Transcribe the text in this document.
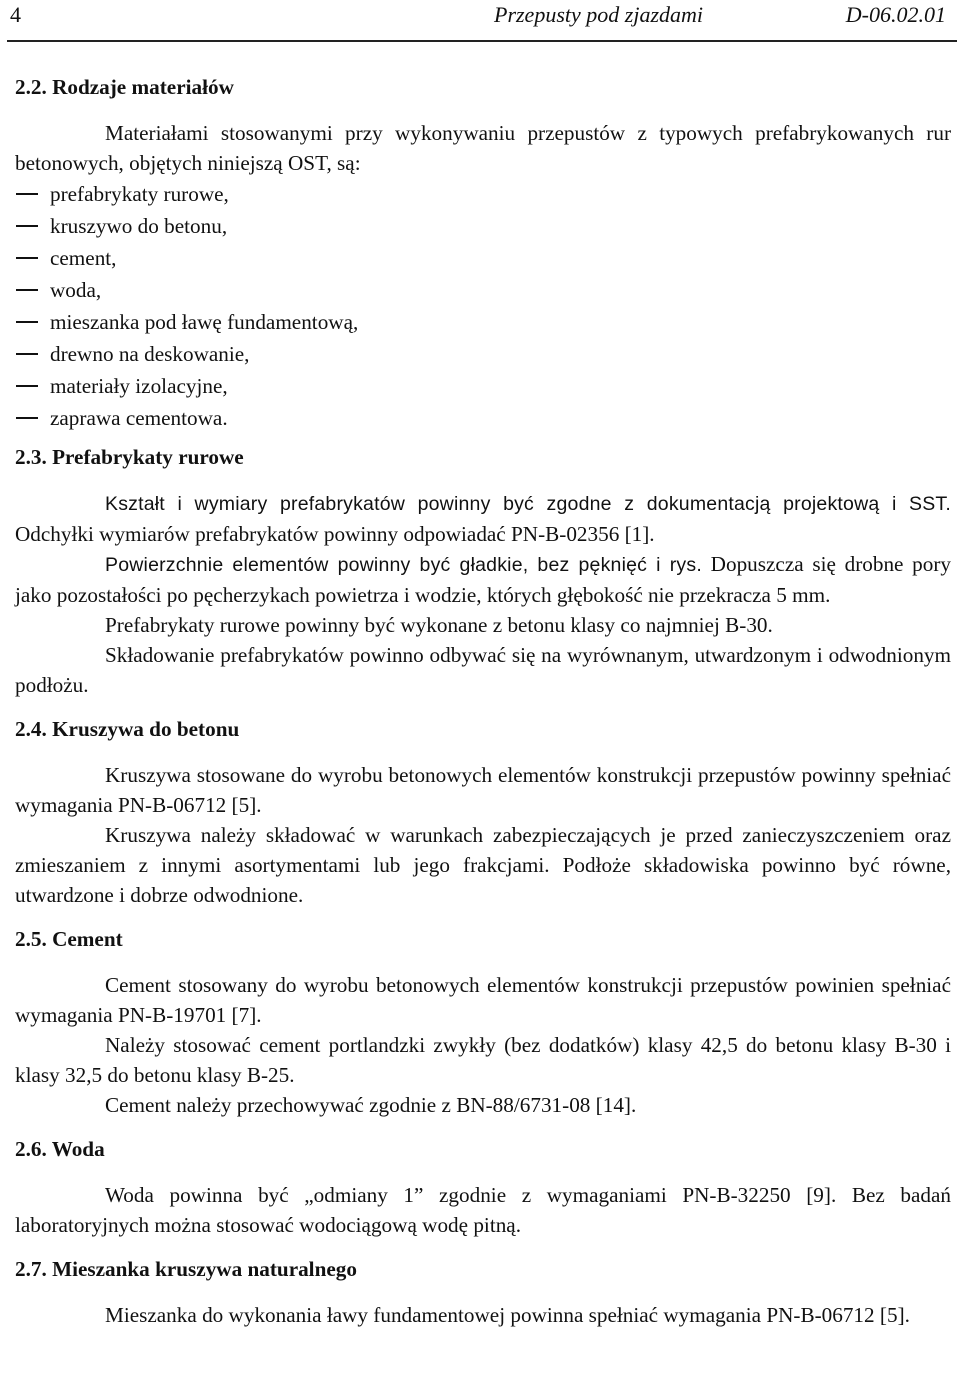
4	Przepusty pod zjazdami	D-06.02.01
2.2. Rodzaje materiałów

Materiałami stosowanymi przy wykonywaniu przepustów z typowych prefabrykowanych rur betonowych, objętych niniejszą OST, są:

prefabrykaty rurowe,
kruszywo do betonu,
cement,
woda,
mieszanka pod ławę fundamentową,
drewno na deskowanie,
materiały izolacyjne,
zaprawa cementowa.
2.3. Prefabrykaty rurowe

Kształt i wymiary prefabrykatów powinny być zgodne z dokumentacją projektową i SST. Odchyłki wymiarów prefabrykatów powinny odpowiadać PN-B-02356 [1].

Powierzchnie elementów powinny być gładkie, bez pęknięć i rys. Dopuszcza się drobne pory jako pozostałości po pęcherzykach powietrza i wodzie, których głębokość nie przekracza 5 mm.

Prefabrykaty rurowe powinny być wykonane z betonu klasy co najmniej B-30.

Składowanie prefabrykatów powinno odbywać się na wyrównanym, utwardzonym i odwodnionym podłożu.

2.4. Kruszywa do betonu

Kruszywa stosowane do wyrobu betonowych elementów konstrukcji przepustów powinny spełniać wymagania PN-B-06712 [5].

Kruszywa należy składować w warunkach zabezpieczających je przed zanieczyszczeniem oraz zmieszaniem z innymi asortymentami lub jego frakcjami. Podłoże składowiska powinno być równe, utwardzone i dobrze odwodnione.

2.5. Cement

Cement stosowany do wyrobu betonowych elementów konstrukcji przepustów powinien spełniać wymagania PN-B-19701 [7].

Należy stosować cement portlandzki zwykły (bez dodatków) klasy 42,5 do betonu klasy B-30 i klasy 32,5 do betonu klasy B-25.

Cement należy przechowywać zgodnie z BN-88/6731-08 [14].

2.6. Woda

Woda powinna być „odmiany 1” zgodnie z wymaganiami PN-B-32250 [9]. Bez badań laboratoryjnych można stosować wodociągową wodę pitną.

2.7. Mieszanka kruszywa naturalnego

Mieszanka do wykonania ławy fundamentowej powinna spełniać wymagania PN-B-06712 [5].
